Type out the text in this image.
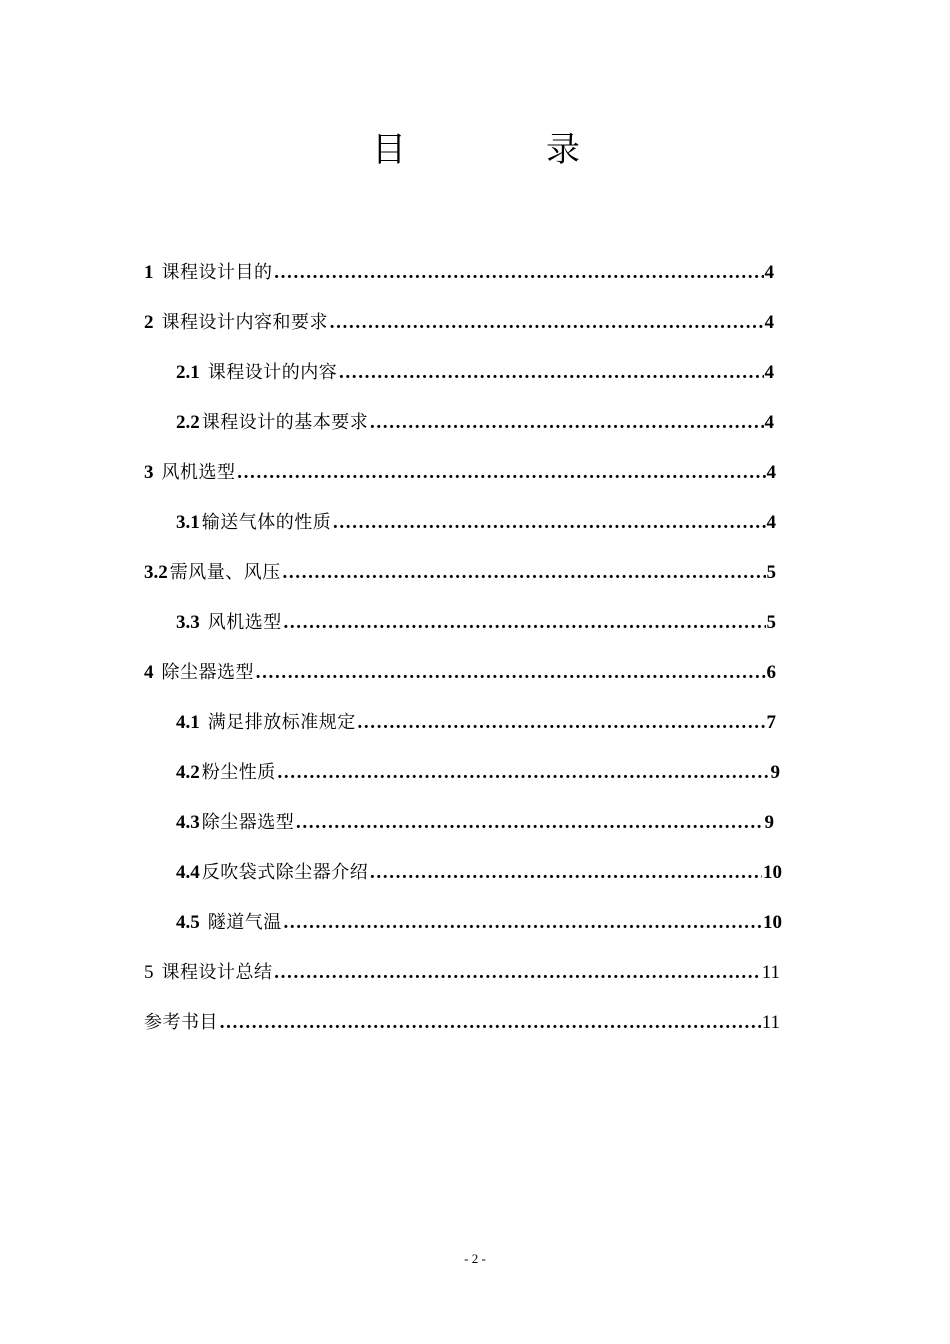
目	录
1 课程设计目的 ……………………………………………………………………………………………………………………………………	4
2 课程设计内容和要求 ……………………………………………………………………………………………………………………………………	4
2.1 课程设计的内容 ……………………………………………………………………………………………………………………………………	4
2.2 课程设计的基本要求 ……………………………………………………………………………………………………………………………………	4
3 风机选型 ……………………………………………………………………………………………………………………………………	4
3.1 输送气体的性质 ……………………………………………………………………………………………………………………………………	4
3.2 需风量、风压 ……………………………………………………………………………………………………………………………………	5
3.3 风机选型 ……………………………………………………………………………………………………………………………………	5
4 除尘器选型 ……………………………………………………………………………………………………………………………………	6
4.1 满足排放标准规定 ……………………………………………………………………………………………………………………………………	7
4.2 粉尘性质 ……………………………………………………………………………………………………………………………………	9
4.3 除尘器选型 ……………………………………………………………………………………………………………………………………	9
4.4 反吹袋式除尘器介绍 ……………………………………………………………………………………………………………………………………	10
4.5 隧道气温 ……………………………………………………………………………………………………………………………………	10
5 课程设计总结 ……………………………………………………………………………………………………………………………………	11
参考书目 ……………………………………………………………………………………………………………………………………	11
- 2 -
